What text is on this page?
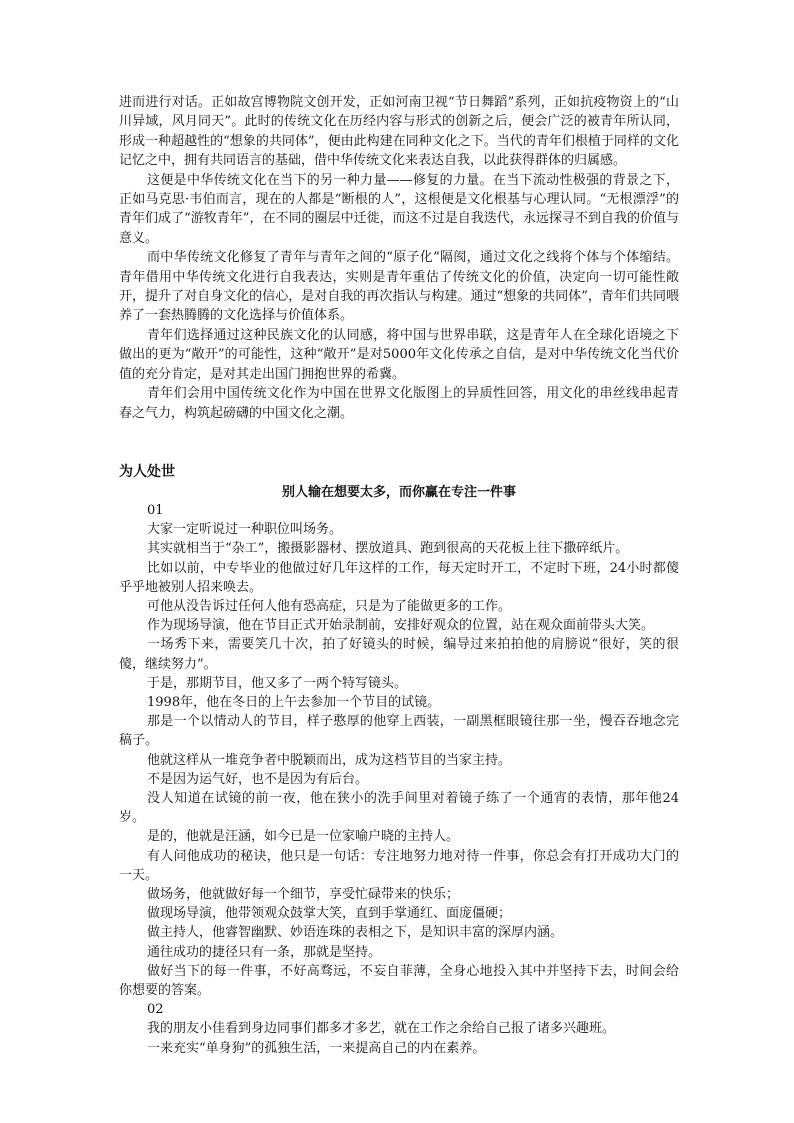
进而进行对话。正如故宫博物院文创开发，正如河南卫视“节日舞蹈”系列，正如抗疫物资上的“山川异域，风月同天”。此时的传统文化在历经内容与形式的创新之后，便会广泛的被青年所认同，形成一种超越性的“想象的共同体”，便由此构建在同种文化之下。当代的青年们根植于同样的文化记忆之中，拥有共同语言的基础，借中华传统文化来表达自我，以此获得群体的归属感。

这便是中华传统文化在当下的另一种力量——修复的力量。在当下流动性极强的背景之下，正如马克思·韦伯而言，现在的人都是“断根的人”，这根便是文化根基与心理认同。“无根漂浮”的青年们成了“游牧青年”，在不同的圈层中迁徙，而这不过是自我迭代，永远探寻不到自我的价值与意义。

而中华传统文化修复了青年与青年之间的“原子化”隔阂，通过文化之线将个体与个体缩结。青年借用中华传统文化进行自我表达，实则是青年重估了传统文化的价值，决定向一切可能性敞开，提升了对自身文化的信心，是对自我的再次指认与构建。通过“想象的共同体”，青年们共同喂养了一套热腾腾的文化选择与价值体系。

青年们选择通过这种民族文化的认同感，将中国与世界串联，这是青年人在全球化语境之下做出的更为“敞开”的可能性，这种“敞开”是对5000年文化传承之自信，是对中华传统文化当代价值的充分肯定，是对其走出国门拥抱世界的希冀。

青年们会用中国传统文化作为中国在世界文化版图上的异质性回答，用文化的串丝线串起青春之气力，构筑起磅礴的中国文化之潮。

为人处世
别人输在想要太多，而你赢在专注一件事

01

大家一定听说过一种职位叫场务。

其实就相当于“杂工”，搬摄影器材、摆放道具、跑到很高的天花板上往下撒碎纸片。

比如以前，中专毕业的他做过好几年这样的工作，每天定时开工，不定时下班，24小时都傻乎乎地被别人招来唤去。

可他从没告诉过任何人他有恐高症，只是为了能做更多的工作。

作为现场导演，他在节目正式开始录制前，安排好观众的位置，站在观众面前带头大笑。

一场秀下来，需要笑几十次，拍了好镜头的时候，编导过来拍拍他的肩膀说“很好，笑的很傻，继续努力”。

于是，那期节目，他又多了一两个特写镜头。

1998年，他在冬日的上午去参加一个节目的试镜。

那是一个以情动人的节目，样子憨厚的他穿上西装，一副黑框眼镜往那一坐，慢吞吞地念完稿子。

他就这样从一堆竞争者中脱颖而出，成为这档节目的当家主持。

不是因为运气好，也不是因为有后台。

没人知道在试镜的前一夜，他在狭小的洗手间里对着镜子练了一个通宵的表情，那年他24岁。

是的，他就是汪涵，如今已是一位家喻户晓的主持人。

有人问他成功的秘诀，他只是一句话：专注地努力地对待一件事，你总会有打开成功大门的一天。

做场务，他就做好每一个细节，享受忙碌带来的快乐；

做现场导演，他带领观众鼓掌大笑，直到手掌通红、面庞僵硬；

做主持人，他睿智幽默、妙语连珠的表相之下，是知识丰富的深厚内涵。

通往成功的捷径只有一条，那就是坚持。

做好当下的每一件事，不好高骛远，不妄自菲薄，全身心地投入其中并坚持下去，时间会给你想要的答案。

02

我的朋友小佳看到身边同事们都多才多艺，就在工作之余给自己报了诸多兴趣班。

一来充实“单身狗”的孤独生活，一来提高自己的内在素养。
